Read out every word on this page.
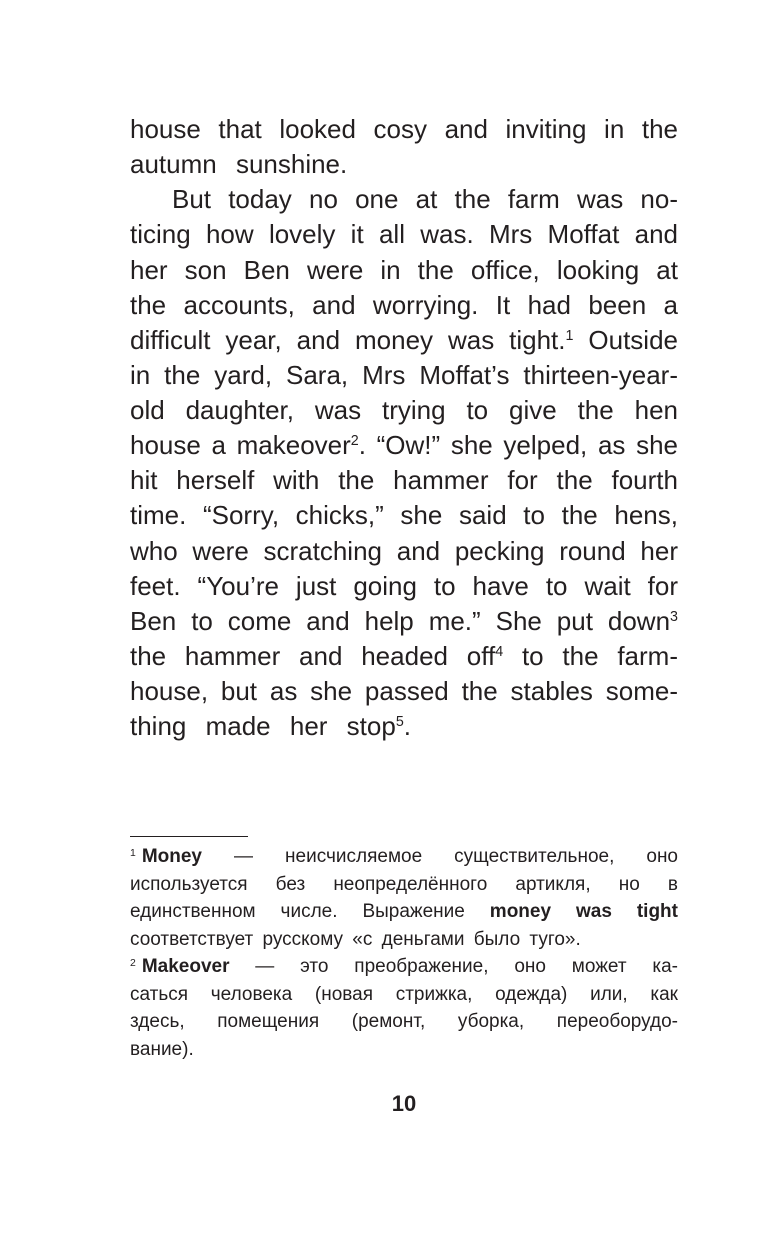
house that looked cosy and inviting in the
autumn sunshine.
But today no one at the farm was no-
ticing how lovely it all was. Mrs Moffat and
her son Ben were in the office, looking at
the accounts, and worrying. It had been a
difficult year, and money was tight.$^1$ Outside
in the yard, Sara, Mrs Moffat’s thirteen-year-
old daughter, was trying to give the hen
house a makeover$^2$. “Ow!” she yelped, as she
hit herself with the hammer for the fourth
time. “Sorry, chicks,” she said to the hens,
who were scratching and pecking round her
feet. “You’re just going to have to wait for
Ben to come and help me.” She put down$^3$
the hammer and headed off$^4$ to the farm-
house, but as she passed the stables some-
thing made her stop$^5$.
$^1$ Money — неисчисляемое существительное, оно
используется без неопределённого артикля, но в
единственном числе. Выражение money was tight
соответствует русскому «с деньгами было туго».
$^2$ Makeover — это преображение, оно может ка-
саться человека (новая стрижка, одежда) или, как
здесь, помещения (ремонт, уборка, переоборудо-
вание).
10
